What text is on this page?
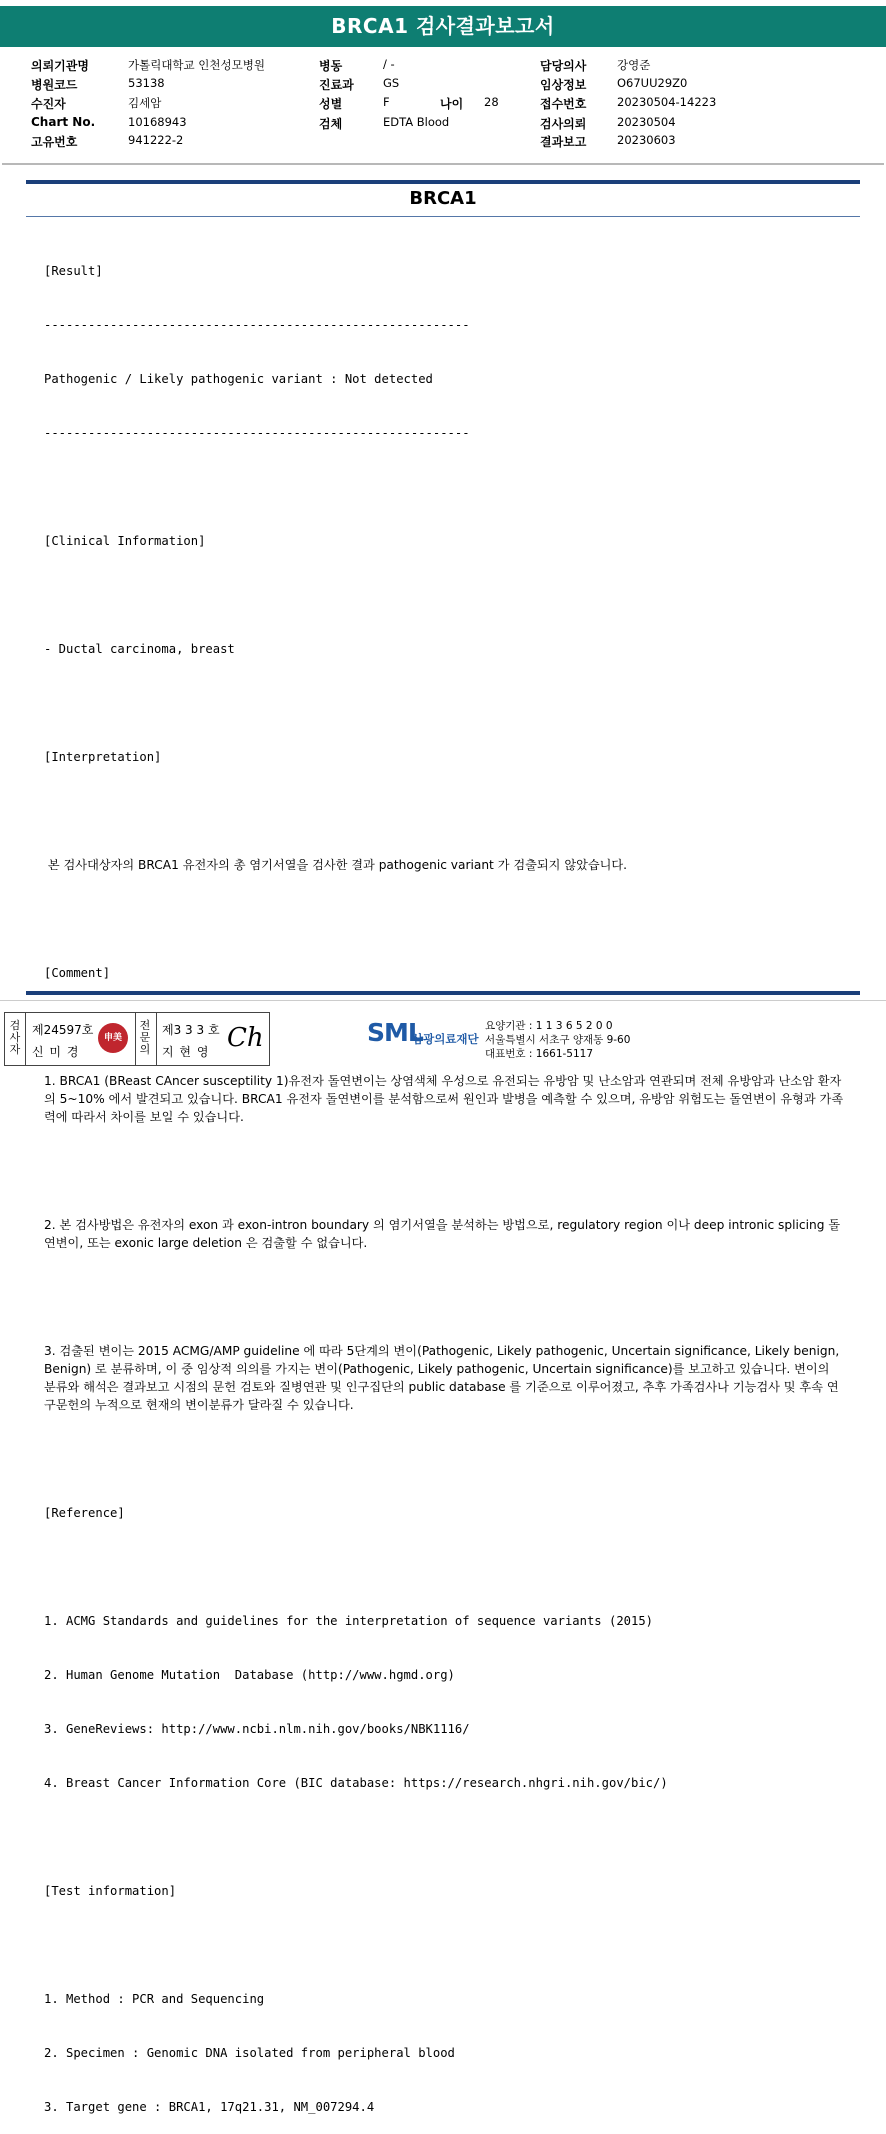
BRCA1 검사결과보고서
의뢰기관명	가톨릭대학교 인천성모병원
병원코드	53138
수진자	김세암
Chart No.	10168943
고유번호	941222-2
병동	/ -
진료과	GS
성별	F	나이 28
검체	EDTA Blood
담당의사	강영준
임상정보	O67UU29Z0
접수번호	20230504-14223
검사의뢰	20230504
결과보고	20230603
BRCA1

[Result]

----------------------------------------------------------

Pathogenic / Likely pathogenic variant : Not detected

----------------------------------------------------------

[Clinical Information]

- Ductal carcinoma, breast

[Interpretation]

본 검사대상자의 BRCA1 유전자의 총 염기서열을 검사한 결과 pathogenic variant 가 검출되지 않았습니다.

[Comment]

1. BRCA1 (BReast CAncer susceptility 1)유전자 돌연변이는 상염색체 우성으로 유전되는 유방암 및 난소암과 연관되며 전체 유방암과 난소암 환자의 5~10% 에서 발견되고 있습니다. BRCA1 유전자 돌연변이를 분석함으로써 원인과 발병을 예측할 수 있으며, 유방암 위험도는 돌연변이 유형과 가족력에 따라서 차이를 보일 수 있습니다.

2. 본 검사방법은 유전자의 exon 과 exon-intron boundary 의 염기서열을 분석하는 방법으로, regulatory region 이나 deep intronic splicing 돌연변이, 또는 exonic large deletion 은 검출할 수 없습니다.

3. 검출된 변이는 2015 ACMG/AMP guideline 에 따라 5단계의 변이(Pathogenic, Likely pathogenic, Uncertain significance, Likely benign, Benign) 로 분류하며, 이 중 임상적 의의를 가지는 변이(Pathogenic, Likely pathogenic, Uncertain significance)를 보고하고 있습니다. 변이의 분류와 해석은 결과보고 시점의 문헌 검토와 질병연관 및 인구집단의 public database 를 기준으로 이루어졌고, 추후 가족검사나 기능검사 및 후속 연구문헌의 누적으로 현재의 변이분류가 달라질 수 있습니다.

[Reference]

1. ACMG Standards and guidelines for the interpretation of sequence variants (2015)

2. Human Genome Mutation  Database (http://www.hgmd.org)

3. GeneReviews: http://www.ncbi.nlm.nih.gov/books/NBK1116/

4. Breast Cancer Information Core (BIC database: https://research.nhgri.nih.gov/bic/)

[Test information]

1. Method : PCR and Sequencing

2. Specimen : Genomic DNA isolated from peripheral blood

3. Target gene : BRCA1, 17q21.31, NM_007294.4

검사자
제24597호
신 미 경
申美
전문의
제3 3 3 호
지 현 영 Ch	SML
삼광의료재단
요양기관 : 1 1 3 6 5 2 0 0
서울특별시 서초구 양재동 9-60
대표번호 : 1661-5117
